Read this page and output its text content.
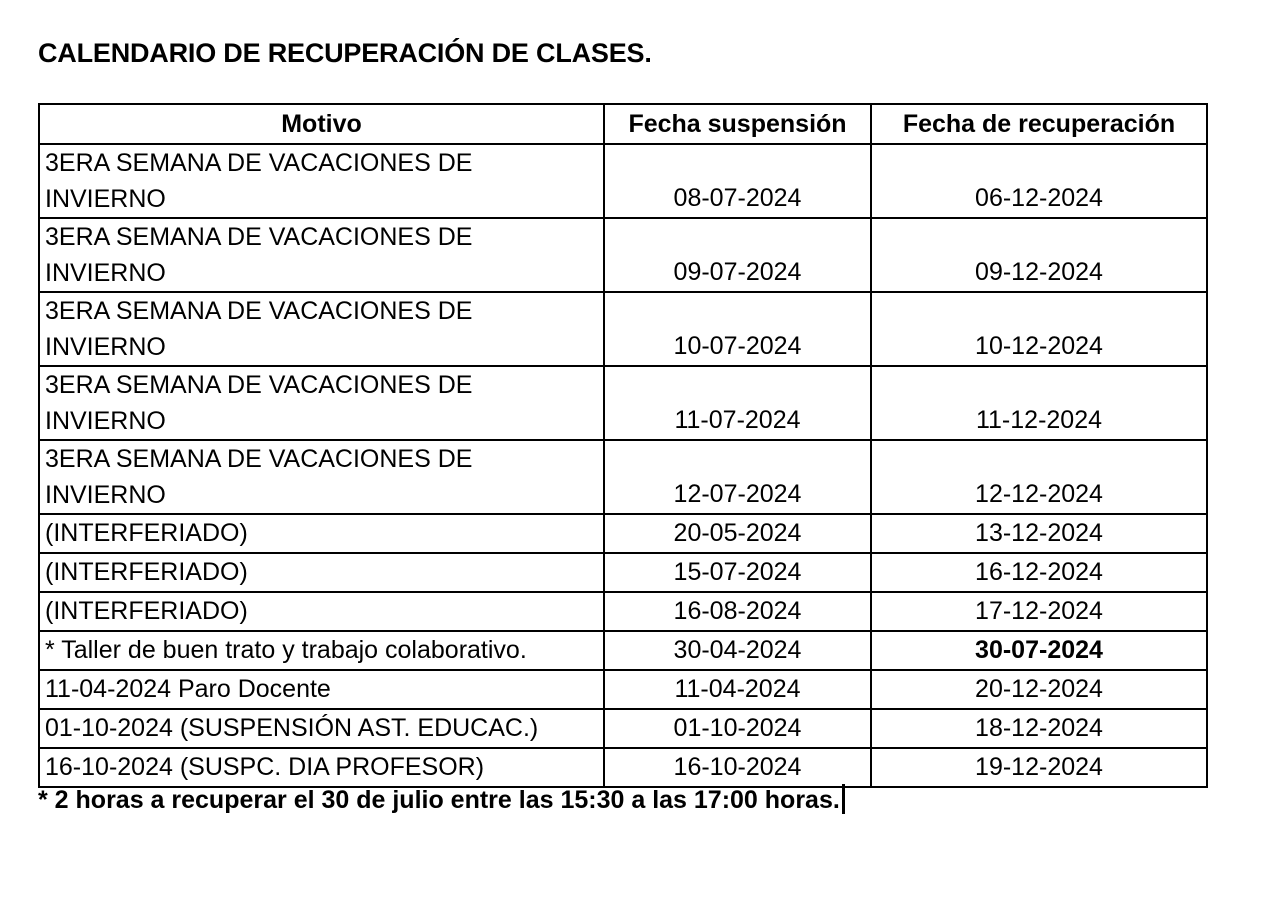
CALENDARIO DE RECUPERACIÓN DE CLASES.
Motivo	Fecha suspensión	Fecha de recuperación
3ERA SEMANA DE VACACIONES DE INVIERNO	08-07-2024	06-12-2024
3ERA SEMANA DE VACACIONES DE INVIERNO	09-07-2024	09-12-2024
3ERA SEMANA DE VACACIONES DE INVIERNO	10-07-2024	10-12-2024
3ERA SEMANA DE VACACIONES DE INVIERNO	11-07-2024	11-12-2024
3ERA SEMANA DE VACACIONES DE INVIERNO	12-07-2024	12-12-2024
(INTERFERIADO)	20-05-2024	13-12-2024
(INTERFERIADO)	15-07-2024	16-12-2024
(INTERFERIADO)	16-08-2024	17-12-2024
* Taller de buen trato y trabajo colaborativo.	30-04-2024	30-07-2024
11-04-2024 Paro Docente	11-04-2024	20-12-2024
01-10-2024 (SUSPENSIÓN AST. EDUCAC.)	01-10-2024	18-12-2024
16-10-2024 (SUSPC. DIA PROFESOR)	16-10-2024	19-12-2024

* 2 horas a recuperar el 30 de julio entre las 15:30 a las 17:00 horas.
